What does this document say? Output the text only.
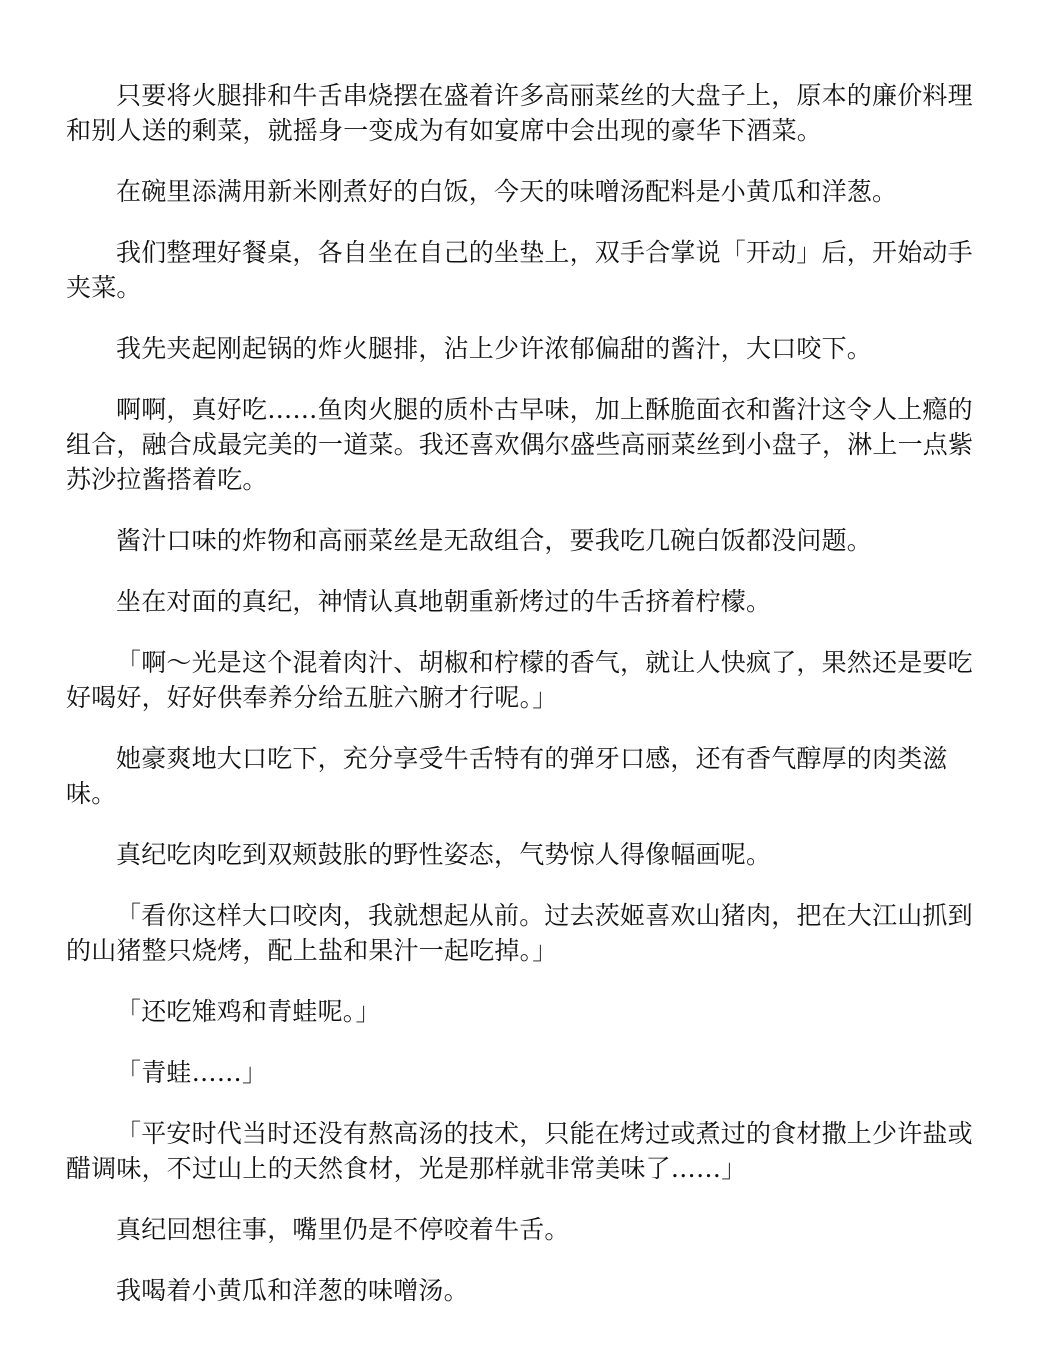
只要将火腿排和牛舌串烧摆在盛着许多高丽菜丝的大盘子上，原本的廉价料理和别人送的剩菜，就摇身一变成为有如宴席中会出现的豪华下酒菜。

在碗里添满用新米刚煮好的白饭，今天的味噌汤配料是小黄瓜和洋葱。

我们整理好餐桌，各自坐在自己的坐垫上，双手合掌说「开动」后，开始动手夹菜。

我先夹起刚起锅的炸火腿排，沾上少许浓郁偏甜的酱汁，大口咬下。

啊啊，真好吃……鱼肉火腿的质朴古早味，加上酥脆面衣和酱汁这令人上瘾的组合，融合成最完美的一道菜。我还喜欢偶尔盛些高丽菜丝到小盘子，淋上一点紫苏沙拉酱搭着吃。

酱汁口味的炸物和高丽菜丝是无敌组合，要我吃几碗白饭都没问题。

坐在对面的真纪，神情认真地朝重新烤过的牛舌挤着柠檬。

「啊～光是这个混着肉汁、胡椒和柠檬的香气，就让人快疯了，果然还是要吃好喝好，好好供奉养分给五脏六腑才行呢。」

她豪爽地大口吃下，充分享受牛舌特有的弹牙口感，还有香气醇厚的肉类滋味。

真纪吃肉吃到双颊鼓胀的野性姿态，气势惊人得像幅画呢。

「看你这样大口咬肉，我就想起从前。过去茨姬喜欢山猪肉，把在大江山抓到的山猪整只烧烤，配上盐和果汁一起吃掉。」

「还吃雉鸡和青蛙呢。」

「青蛙……」

「平安时代当时还没有熬高汤的技术，只能在烤过或煮过的食材撒上少许盐或醋调味，不过山上的天然食材，光是那样就非常美味了……」

真纪回想往事，嘴里仍是不停咬着牛舌。

我喝着小黄瓜和洋葱的味噌汤。
